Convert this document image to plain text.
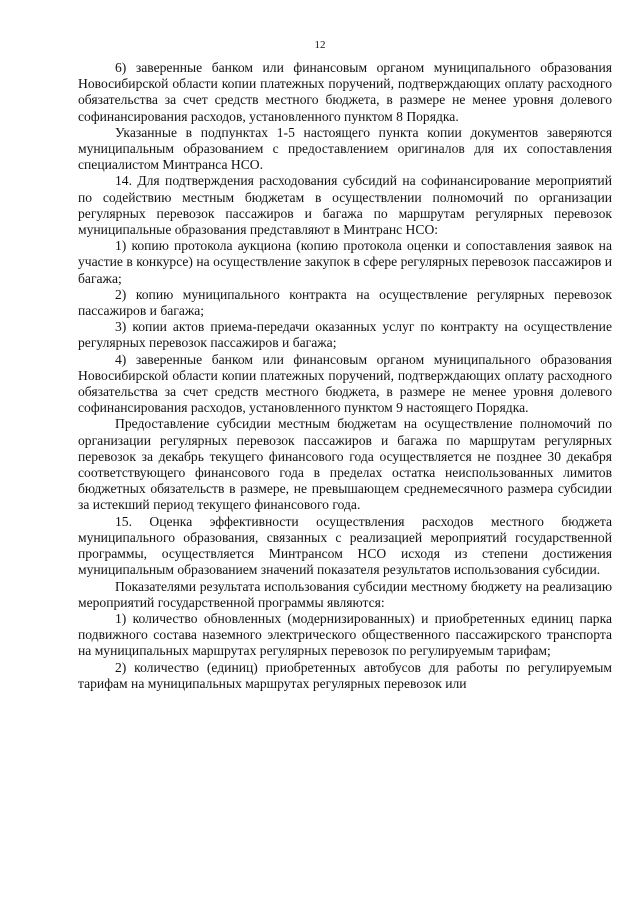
12

6) заверенные банком или финансовым органом муниципального образования Новосибирской области копии платежных поручений, подтверждающих оплату расходного обязательства за счет средств местного бюджета, в размере не менее уровня долевого софинансирования расходов, установленного пунктом 8 Порядка.

Указанные в подпунктах 1-5 настоящего пункта копии документов заверяются муниципальным образованием с предоставлением оригиналов для их сопоставления специалистом Минтранса НСО.

14. Для подтверждения расходования субсидий на софинансирование мероприятий по содействию местным бюджетам в осуществлении полномочий по организации регулярных перевозок пассажиров и багажа по маршрутам регулярных перевозок муниципальные образования представляют в Минтранс НСО:

1) копию протокола аукциона (копию протокола оценки и сопоставления заявок на участие в конкурсе) на осуществление закупок в сфере регулярных перевозок пассажиров и багажа;

2) копию муниципального контракта на осуществление регулярных перевозок пассажиров и багажа;

3) копии актов приема-передачи оказанных услуг по контракту на осуществление регулярных перевозок пассажиров и багажа;

4) заверенные банком или финансовым органом муниципального образования Новосибирской области копии платежных поручений, подтверждающих оплату расходного обязательства за счет средств местного бюджета, в размере не менее уровня долевого софинансирования расходов, установленного пунктом 9 настоящего Порядка.

Предоставление субсидии местным бюджетам на осуществление полномочий по организации регулярных перевозок пассажиров и багажа по маршрутам регулярных перевозок за декабрь текущего финансового года осуществляется не позднее 30 декабря соответствующего финансового года в пределах остатка неиспользованных лимитов бюджетных обязательств в размере, не превышающем среднемесячного размера субсидии за истекший период текущего финансового года.

15. Оценка эффективности осуществления расходов местного бюджета муниципального образования, связанных с реализацией мероприятий государственной программы, осуществляется Минтрансом НСО исходя из степени достижения муниципальным образованием значений показателя результатов использования субсидии.

Показателями результата использования субсидии местному бюджету на реализацию мероприятий государственной программы являются:

1) количество обновленных (модернизированных) и приобретенных единиц парка подвижного состава наземного электрического общественного пассажирского транспорта на муниципальных маршрутах регулярных перевозок по регулируемым тарифам;

2) количество (единиц) приобретенных автобусов для работы по регулируемым тарифам на муниципальных маршрутах регулярных перевозок или
